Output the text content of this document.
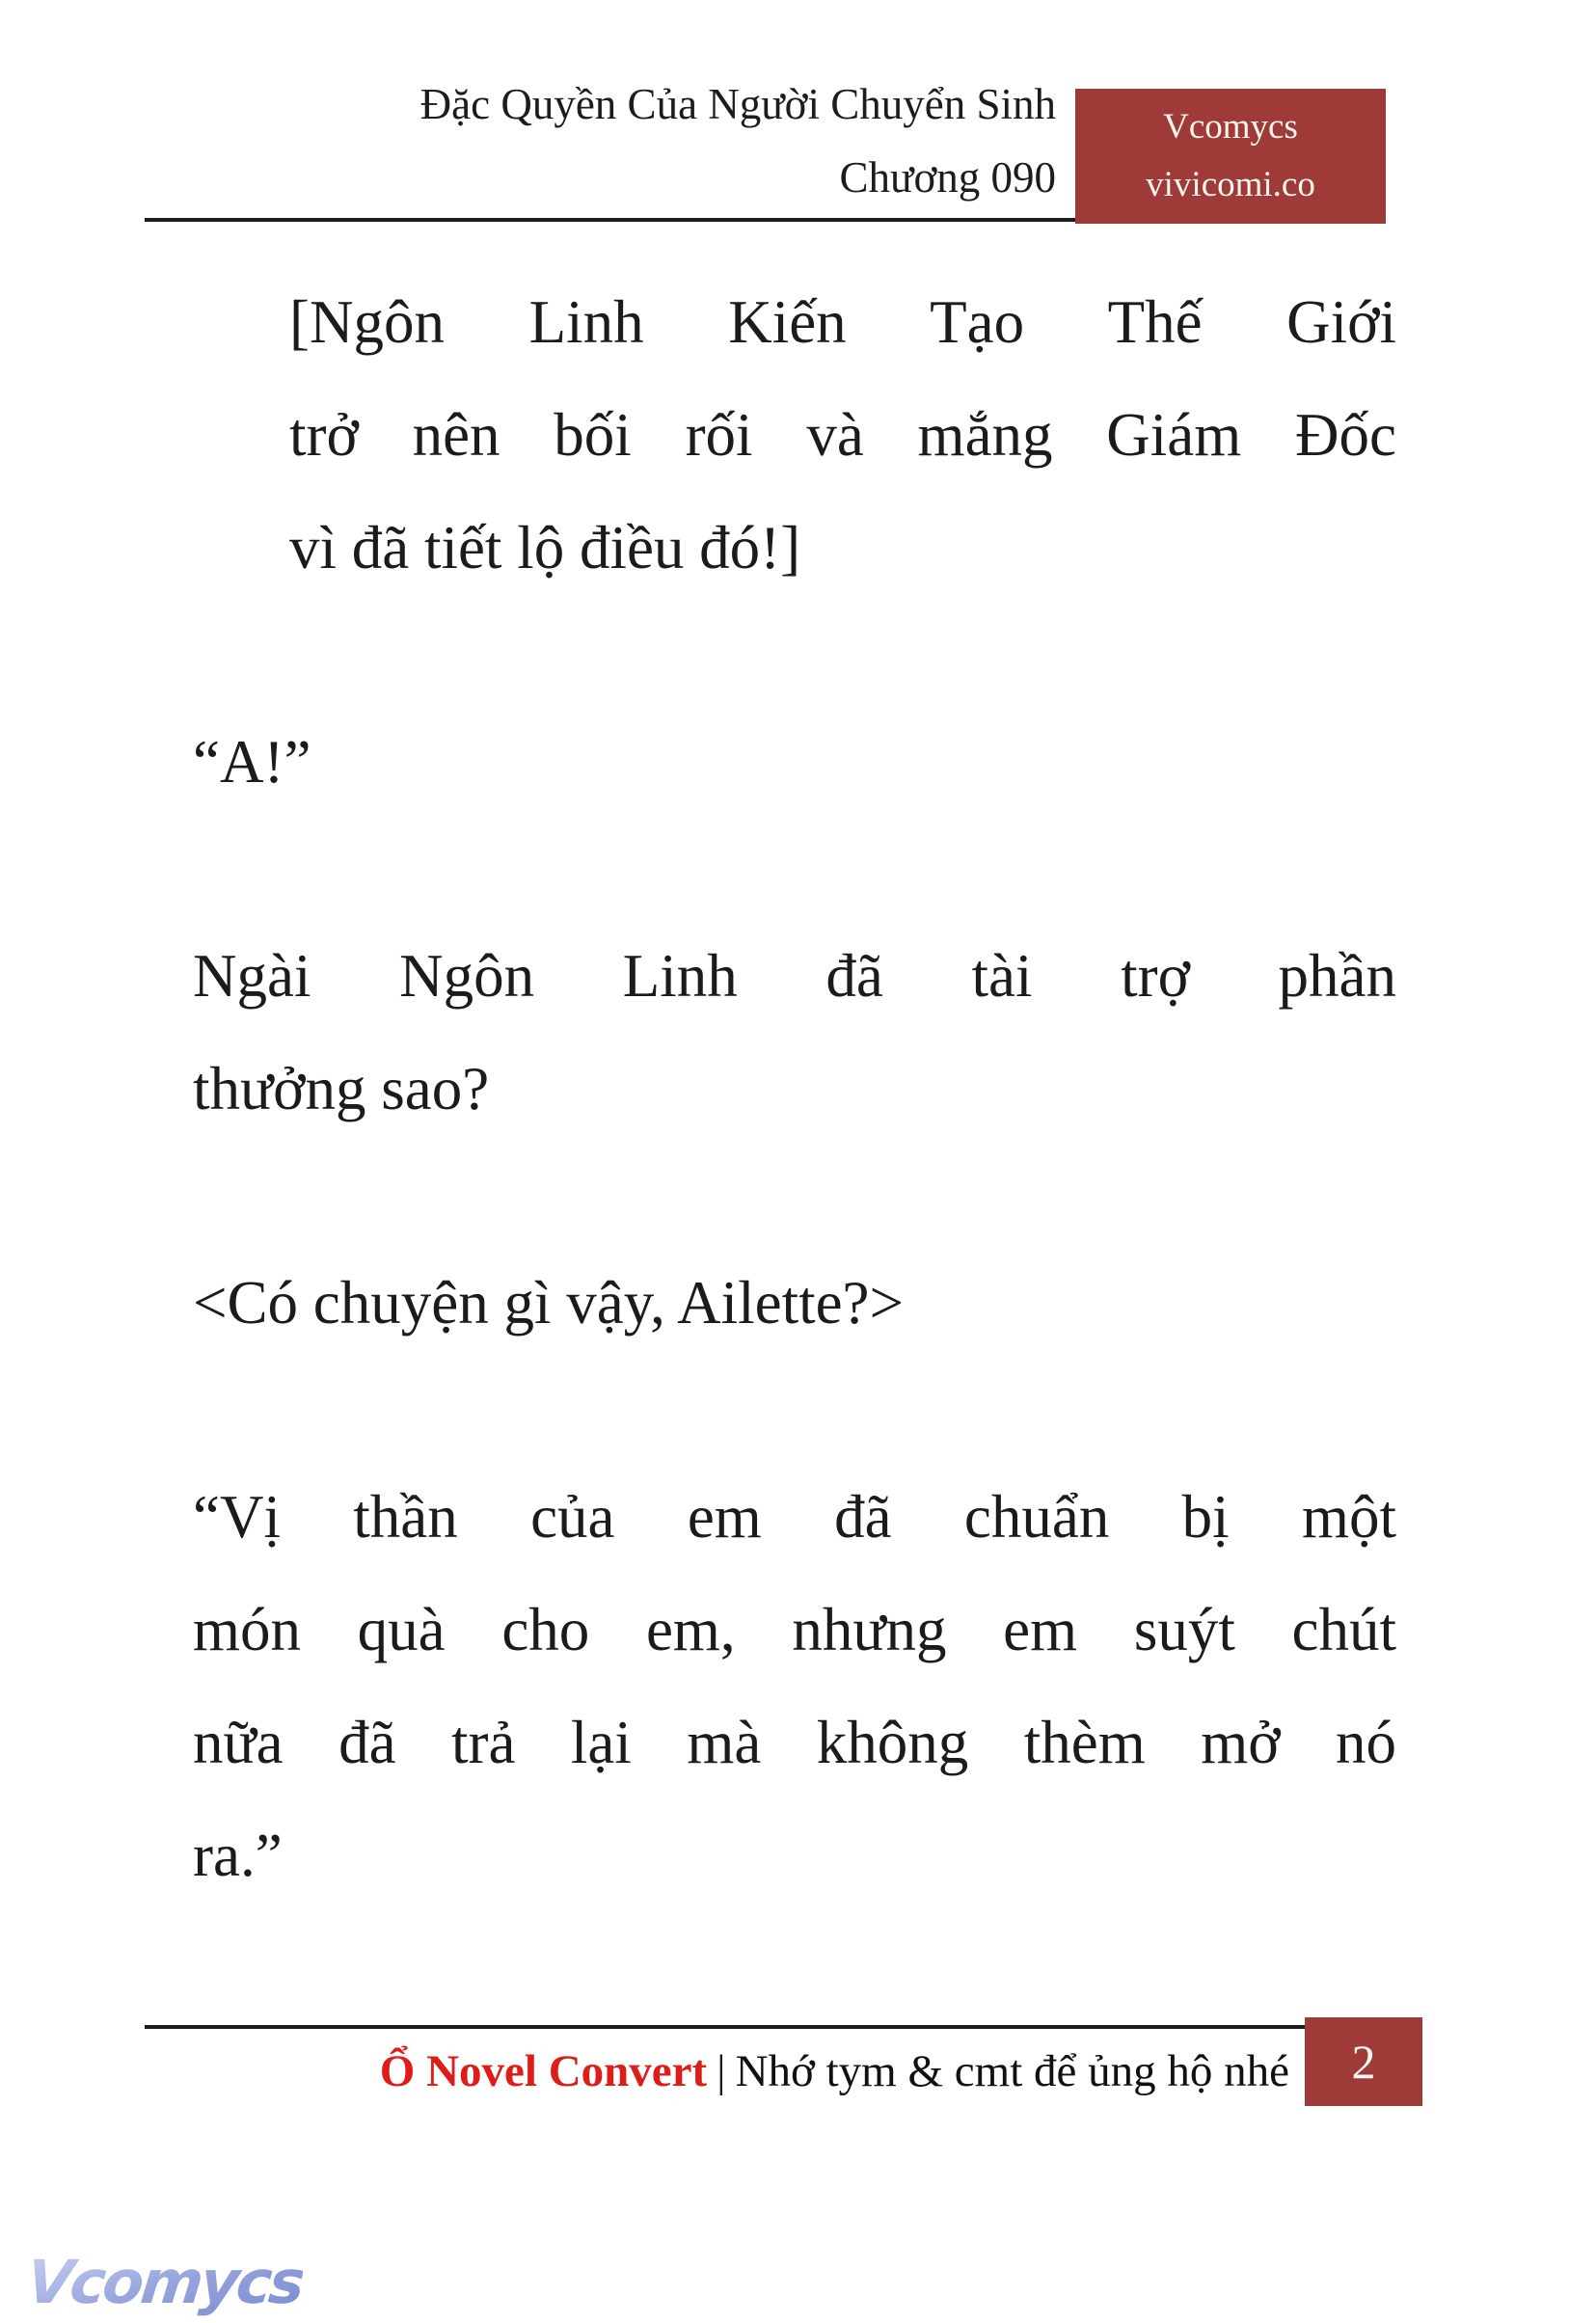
Đặc Quyền Của Người Chuyển Sinh
Chương 090
Vcomycs
vivicomi.co
[Ngôn Linh Kiến Tạo Thế Giới
trở nên bối rối và mắng Giám Đốc
vì đã tiết lộ điều đó!]
“A!”
Ngài Ngôn Linh đã tài trợ phần
thưởng sao?
<Có chuyện gì vậy, Ailette?>
“Vị thần của em đã chuẩn bị một
món quà cho em, nhưng em suýt chút
nữa đã trả lại mà không thèm mở nó
ra.”
Ổ Novel Convert | Nhớ tym & cmt để ủng hộ nhé 2
Vcomycs
